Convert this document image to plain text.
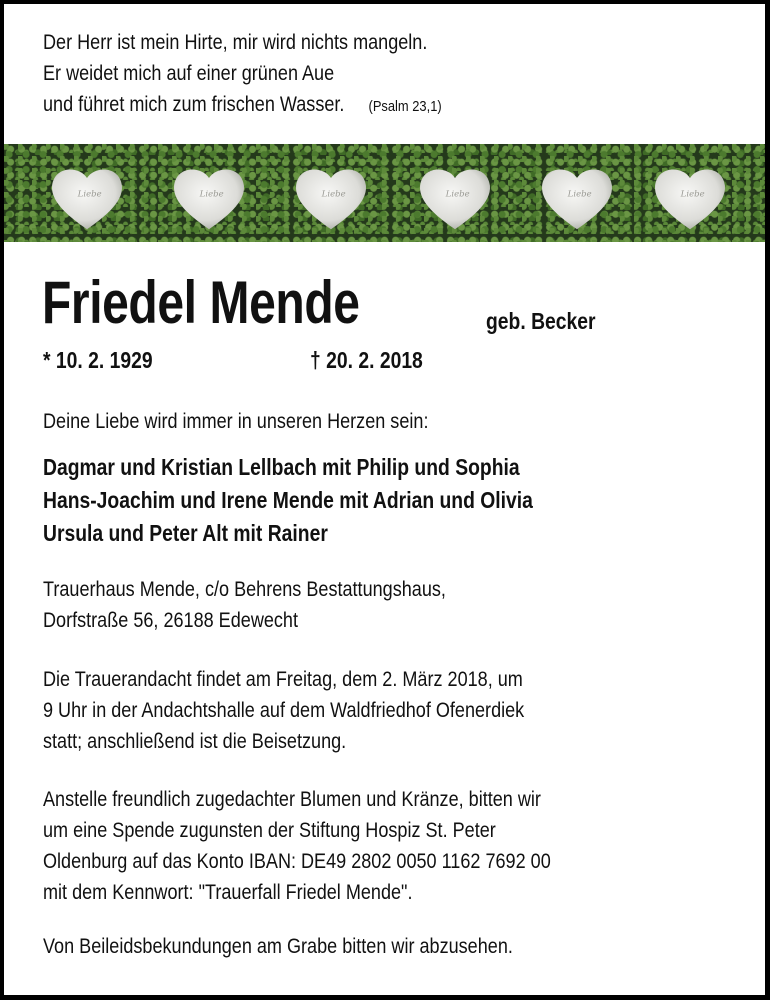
Der Herr ist mein Hirte, mir wird nichts mangeln.
Er weidet mich auf einer grünen Aue
und führet mich zum frischen Wasser. (Psalm 23,1)
Liebe	Liebe	Liebe	Liebe	Liebe	Liebe
Friedel Mende	geb. Becker
* 10. 2. 1929	† 20. 2. 2018
Deine Liebe wird immer in unseren Herzen sein:
Dagmar und Kristian Lellbach mit Philip und Sophia
Hans-Joachim und Irene Mende mit Adrian und Olivia
Ursula und Peter Alt mit Rainer
Trauerhaus Mende, c/o Behrens Bestattungshaus,
Dorfstraße 56, 26188 Edewecht
Die Trauerandacht findet am Freitag, dem 2. März 2018, um
9 Uhr in der Andachtshalle auf dem Waldfriedhof Ofenerdiek
statt; anschließend ist die Beisetzung.
Anstelle freundlich zugedachter Blumen und Kränze, bitten wir
um eine Spende zugunsten der Stiftung Hospiz St. Peter
Oldenburg auf das Konto IBAN: DE49 2802 0050 1162 7692 00
mit dem Kennwort: "Trauerfall Friedel Mende".
Von Beileidsbekundungen am Grabe bitten wir abzusehen.
